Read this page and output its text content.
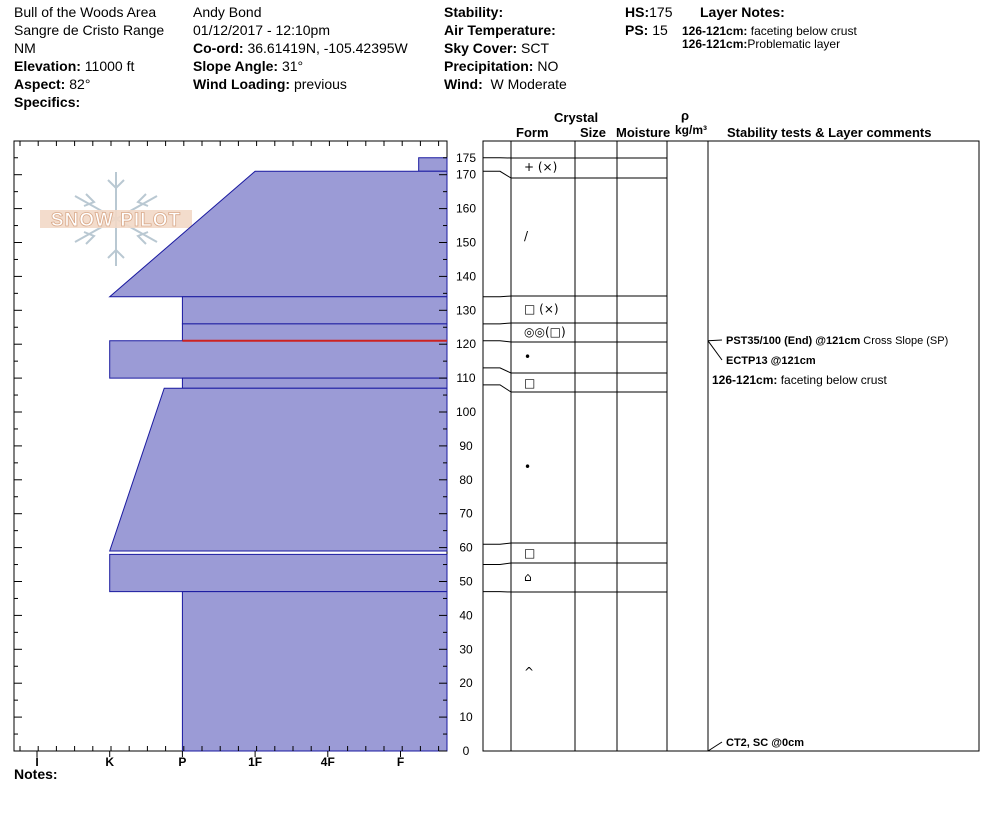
Bull of the Woods Area
Sangre de Cristo Range
NM
Elevation: 11000 ft
Aspect: 82°
Specifics:
Andy Bond
01/12/2017 - 12:10pm
Co-ord: 36.61419N, -105.42395W
Slope Angle: 31°
Wind Loading: previous
Stability:
Air Temperature:
Sky Cover: SCT
Precipitation: NO
Wind: W Moderate
HS:175
PS: 15
Layer Notes:
126-121cm: faceting below crust
126-121cm:Problematic layer
Crystal
Form Size Moisture
ρ
kg/m³ Stability tests & Layer comments
Notes:
SNOW PILOT
I	K	P	1F	4F	F
0
10
20
30
40
50
60
70
80
90
100
110
120
130
140
150
160
170
175
+ (⨯)
/
□ (⨯)
◎◎(□)
•
□
•
□
⌂
^
PST35/100 (End) @121cm Cross Slope (SP)
ECTP13 @121cm
CT2, SC @0cm
126-121cm: faceting below crust
